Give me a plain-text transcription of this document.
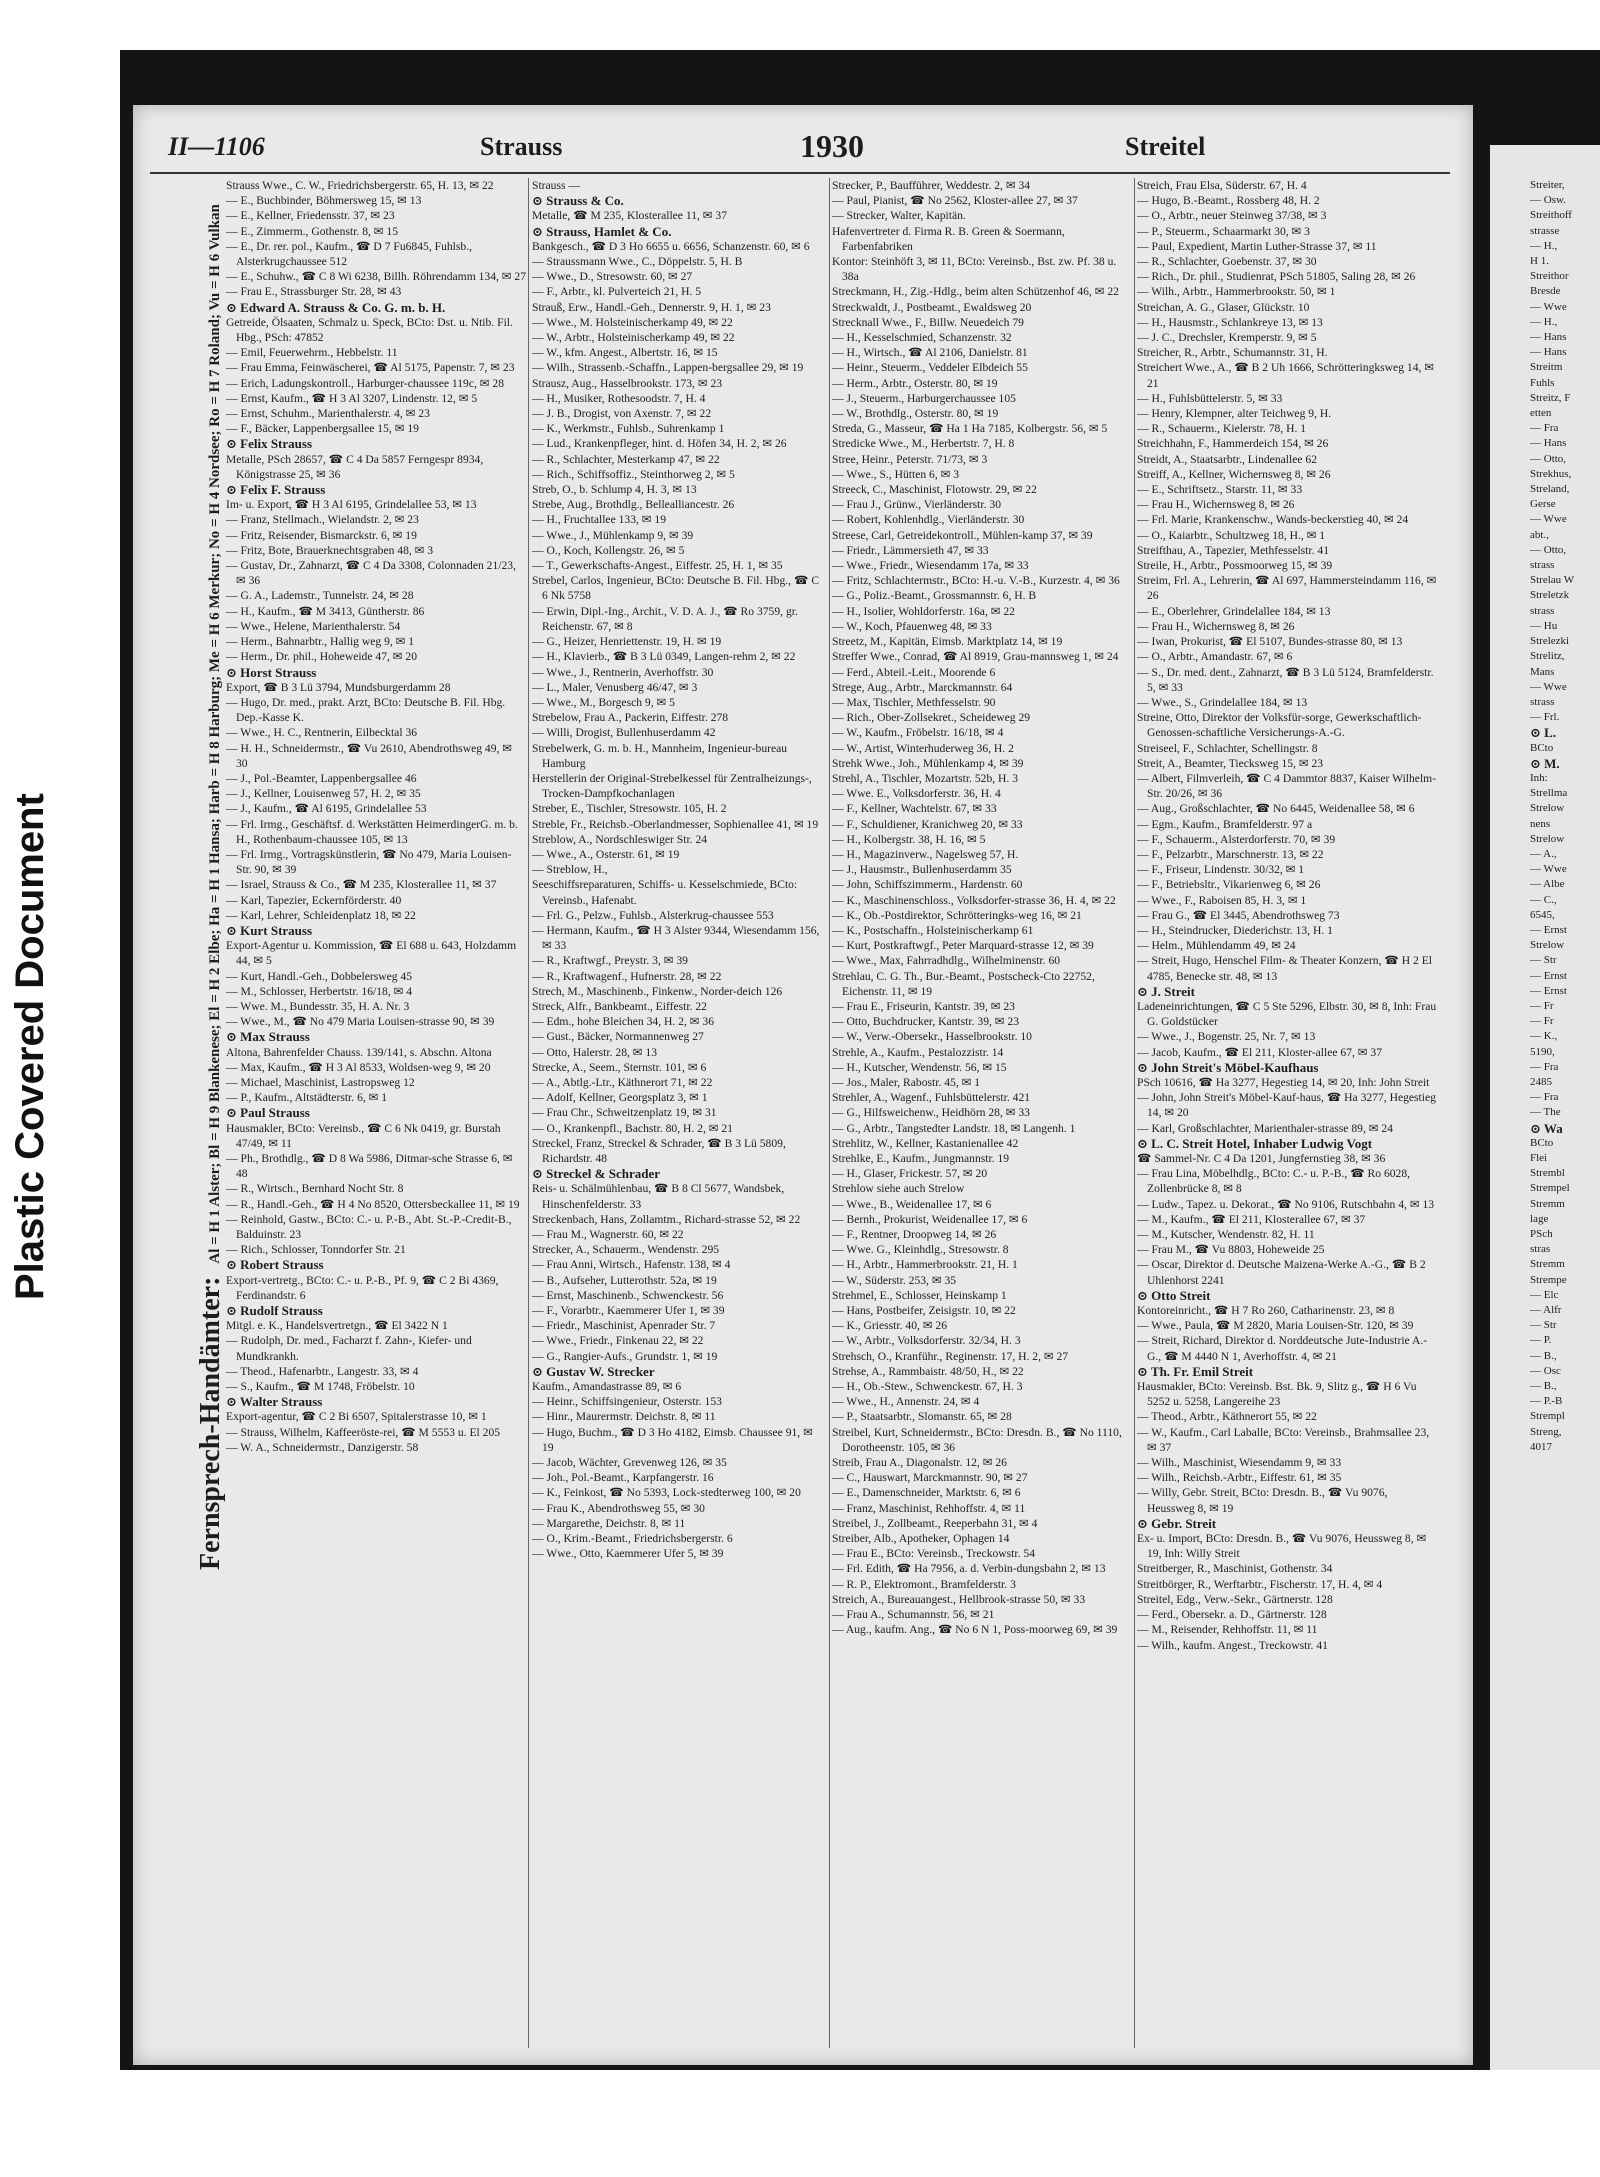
Plastic Covered Document
II—1106	Strauss	1930	Streitel
Fernsprech-Handämter: Al = H 1 Alster; Bl = H 9 Blankenese; El = H 2 Elbe; Ha = H 1 Hansa; Harb = H 8 Harburg; Me = H 6 Merkur; No = H 4 Nordsee; Ro = H 7 Roland; Vu = H 6 Vulkan

Strauss Wwe., C. W., Friedrichsbergerstr. 65, H. 13, ✉ 22

— E., Buchbinder, Böhmersweg 15, ✉ 13

— E., Kellner, Friedensstr. 37, ✉ 23

— E., Zimmerm., Gothenstr. 8, ✉ 15

— E., Dr. rer. pol., Kaufm., ☎ D 7 Fu6845, Fuhlsb., Alsterkrugchaussee 512

— E., Schuhw., ☎ C 8 Wi 6238, Billh. Röhrendamm 134, ✉ 27

— Frau E., Strassburger Str. 28, ✉ 43

⊙ Edward A. Strauss & Co. G. m. b. H.

Getreide, Ölsaaten, Schmalz u. Speck, BCto: Dst. u. Ntib. Fil. Hbg., PSch: 47852

— Emil, Feuerwehrm., Hebbelstr. 11

— Frau Emma, Feinwäscherei, ☎ Al 5175, Papenstr. 7, ✉ 23

— Erich, Ladungskontroll., Harburger-chaussee 119c, ✉ 28

— Ernst, Kaufm., ☎ H 3 Al 3207, Lindenstr. 12, ✉ 5

— Ernst, Schuhm., Marienthalerstr. 4, ✉ 23

— F., Bäcker, Lappenbergsallee 15, ✉ 19

⊙ Felix Strauss

Metalle, PSch 28657, ☎ C 4 Da 5857 Ferngespr 8934, Königstrasse 25, ✉ 36

⊙ Felix F. Strauss

Im- u. Export, ☎ H 3 Al 6195, Grindelallee 53, ✉ 13

— Franz, Stellmach., Wielandstr. 2, ✉ 23

— Fritz, Reisender, Bismarckstr. 6, ✉ 19

— Fritz, Bote, Brauerknechtsgraben 48, ✉ 3

— Gustav, Dr., Zahnarzt, ☎ C 4 Da 3308, Colonnaden 21/23, ✉ 36

— G. A., Lademstr., Tunnelstr. 24, ✉ 28

— H., Kaufm., ☎ M 3413, Güntherstr. 86

— Wwe., Helene, Marienthalerstr. 54

— Herm., Bahnarbtr., Hallig weg 9, ✉ 1

— Herm., Dr. phil., Hoheweide 47, ✉ 20

⊙ Horst Strauss

Export, ☎ B 3 Lü 3794, Mundsburgerdamm 28

— Hugo, Dr. med., prakt. Arzt, BCto: Deutsche B. Fil. Hbg. Dep.-Kasse K.

— Wwe., H. C., Rentnerin, Eilbecktal 36

— H. H., Schneidermstr., ☎ Vu 2610, Abendrothsweg 49, ✉ 30

— J., Pol.-Beamter, Lappenbergsallee 46

— J., Kellner, Louisenweg 57, H. 2, ✉ 35

— J., Kaufm., ☎ Al 6195, Grindelallee 53

— Frl. Irmg., Geschäftsf. d. Werkstätten HeimerdingerG. m. b. H., Rothenbaum-chaussee 105, ✉ 13

— Frl. Irmg., Vortragskünstlerin, ☎ No 479, Maria Louisen-Str. 90, ✉ 39

— Israel, Strauss & Co., ☎ M 235, Klosterallee 11, ✉ 37

— Karl, Tapezier, Eckernförderstr. 40

— Karl, Lehrer, Schleidenplatz 18, ✉ 22

⊙ Kurt Strauss

Export-Agentur u. Kommission, ☎ El 688 u. 643, Holzdamm 44, ✉ 5

— Kurt, Handl.-Geh., Dobbelersweg 45

— M., Schlosser, Herbertstr. 16/18, ✉ 4

— Wwe. M., Bundesstr. 35, H. A. Nr. 3

— Wwe., M., ☎ No 479 Maria Louisen-strasse 90, ✉ 39

⊙ Max Strauss

Altona, Bahrenfelder Chauss. 139/141, s. Abschn. Altona

— Max, Kaufm., ☎ H 3 Al 8533, Woldsen-weg 9, ✉ 20

— Michael, Maschinist, Lastropsweg 12

— P., Kaufm., Altstädterstr. 6, ✉ 1

⊙ Paul Strauss

Hausmakler, BCto: Vereinsb., ☎ C 6 Nk 0419, gr. Burstah 47/49, ✉ 11

— Ph., Brothdlg., ☎ D 8 Wa 5986, Ditmar-sche Strasse 6, ✉ 48

— R., Wirtsch., Bernhard Nocht Str. 8

— R., Handl.-Geh., ☎ H 4 No 8520, Ottersbeckallee 11, ✉ 19

— Reinhold, Gastw., BCto: C.- u. P.-B., Abt. St.-P.-Credit-B., Balduinstr. 23

— Rich., Schlosser, Tonndorfer Str. 21

⊙ Robert Strauss

Export-vertretg., BCto: C.- u. P.-B., Pf. 9, ☎ C 2 Bi 4369, Ferdinandstr. 6

⊙ Rudolf Strauss

Mitgl. e. K., Handelsvertretgn., ☎ El 3422 N 1

— Rudolph, Dr. med., Facharzt f. Zahn-, Kiefer- und Mundkrankh.

— Theod., Hafenarbtr., Langestr. 33, ✉ 4

— S., Kaufm., ☎ M 1748, Fröbelstr. 10

⊙ Walter Strauss

Export-agentur, ☎ C 2 Bi 6507, Spitalerstrasse 10, ✉ 1

— Strauss, Wilhelm, Kaffeeröste-rei, ☎ M 5553 u. El 205

— W. A., Schneidermstr., Danzigerstr. 58

Strauss —

⊙ Strauss & Co.

Metalle, ☎ M 235, Klosterallee 11, ✉ 37

⊙ Strauss, Hamlet & Co.

Bankgesch., ☎ D 3 Ho 6655 u. 6656, Schanzenstr. 60, ✉ 6

— Straussmann Wwe., C., Döppelstr. 5, H. B

— Wwe., D., Stresowstr. 60, ✉ 27

— F., Arbtr., kl. Pulverteich 21, H. 5

Strauß, Erw., Handl.-Geh., Dennerstr. 9, H. 1, ✉ 23

— Wwe., M. Holsteinischerkamp 49, ✉ 22

— W., Arbtr., Holsteinischerkamp 49, ✉ 22

— W., kfm. Angest., Albertstr. 16, ✉ 15

— Wilh., Strassenb.-Schaffn., Lappen-bergsallee 29, ✉ 19

Strausz, Aug., Hasselbrookstr. 173, ✉ 23

— H., Musiker, Rothesoodstr. 7, H. 4

— J. B., Drogist, von Axenstr. 7, ✉ 22

— K., Werkmstr., Fuhlsb., Suhrenkamp 1

— Lud., Krankenpfleger, hint. d. Höfen 34, H. 2, ✉ 26

— R., Schlachter, Mesterkamp 47, ✉ 22

— Rich., Schiffsoffiz., Steinthorweg 2, ✉ 5

Streb, O., b. Schlump 4, H. 3, ✉ 13

Strebe, Aug., Brothdlg., Bellealliancestr. 26

— H., Fruchtallee 133, ✉ 19

— Wwe., J., Mühlenkamp 9, ✉ 39

— O., Koch, Kollengstr. 26, ✉ 5

— T., Gewerkschafts-Angest., Eiffestr. 25, H. 1, ✉ 35

Strebel, Carlos, Ingenieur, BCto: Deutsche B. Fil. Hbg., ☎ C 6 Nk 5758

— Erwin, Dipl.-Ing., Archit., V. D. A. J., ☎ Ro 3759, gr. Reichenstr. 67, ✉ 8

— G., Heizer, Henriettenstr. 19, H. ✉ 19

— H., Klavierb., ☎ B 3 Lü 0349, Langen-rehm 2, ✉ 22

— Wwe., J., Rentnerin, Averhoffstr. 30

— L., Maler, Venusberg 46/47, ✉ 3

— Wwe., M., Borgesch 9, ✉ 5

Strebelow, Frau A., Packerin, Eiffestr. 278

— Willi, Drogist, Bullenhuserdamm 42

Strebelwerk, G. m. b. H., Mannheim, Ingenieur-bureau Hamburg

Herstellerin der Original-Strebelkessel für Zentralheizungs-, Trocken-Dampfkochanlagen

Streber, E., Tischler, Stresowstr. 105, H. 2

Streble, Fr., Reichsb.-Oberlandmesser, Sophienallee 41, ✉ 19

Streblow, A., Nordschleswiger Str. 24

— Wwe., A., Osterstr. 61, ✉ 19

— Streblow, H.,

Seeschiffsreparaturen, Schiffs- u. Kesselschmiede, BCto: Vereinsb., Hafenabt.

— Frl. G., Pelzw., Fuhlsb., Alsterkrug-chaussee 553

— Hermann, Kaufm., ☎ H 3 Alster 9344, Wiesendamm 156, ✉ 33

— R., Kraftwgf., Preystr. 3, ✉ 39

— R., Kraftwagenf., Hufnerstr. 28, ✉ 22

Strech, M., Maschinenb., Finkenw., Norder-deich 126

Streck, Alfr., Bankbeamt., Eiffestr. 22

— Edm., hohe Bleichen 34, H. 2, ✉ 36

— Gust., Bäcker, Normannenweg 27

— Otto, Halerstr. 28, ✉ 13

Strecke, A., Seem., Sternstr. 101, ✉ 6

— A., Abtlg.-Ltr., Käthnerort 71, ✉ 22

— Adolf, Kellner, Georgsplatz 3, ✉ 1

— Frau Chr., Schweitzenplatz 19, ✉ 31

— O., Krankenpfl., Bachstr. 80, H. 2, ✉ 21

Streckel, Franz, Streckel & Schrader, ☎ B 3 Lü 5809, Richardstr. 48

⊙ Streckel & Schrader

Reis- u. Schälmühlenbau, ☎ B 8 Cl 5677, Wandsbek, Hinschenfelderstr. 33

Streckenbach, Hans, Zollamtm., Richard-strasse 52, ✉ 22

— Frau M., Wagnerstr. 60, ✉ 22

Strecker, A., Schauerm., Wendenstr. 295

— Frau Anni, Wirtsch., Hafenstr. 138, ✉ 4

— B., Aufseher, Lutterothstr. 52a, ✉ 19

— Ernst, Maschinenb., Schwenckestr. 56

— F., Vorarbtr., Kaemmerer Ufer 1, ✉ 39

— Friedr., Maschinist, Apenrader Str. 7

— Wwe., Friedr., Finkenau 22, ✉ 22

— G., Rangier-Aufs., Grundstr. 1, ✉ 19

⊙ Gustav W. Strecker

Kaufm., Amandastrasse 89, ✉ 6

— Heinr., Schiffsingenieur, Osterstr. 153

— Hinr., Maurermstr. Deichstr. 8, ✉ 11

— Hugo, Buchm., ☎ D 3 Ho 4182, Eimsb. Chaussee 91, ✉ 19

— Jacob, Wächter, Grevenweg 126, ✉ 35

— Joh., Pol.-Beamt., Karpfangerstr. 16

— K., Feinkost, ☎ No 5393, Lock-stedterweg 100, ✉ 20

— Frau K., Abendrothsweg 55, ✉ 30

— Margarethe, Deichstr. 8, ✉ 11

— O., Krim.-Beamt., Friedrichsbergerstr. 6

— Wwe., Otto, Kaemmerer Ufer 5, ✉ 39

Strecker, P., Baufführer, Weddestr. 2, ✉ 34

— Paul, Pianist, ☎ No 2562, Kloster-allee 27, ✉ 37

— Strecker, Walter, Kapitän.

Hafenvertreter d. Firma R. B. Green & Soermann, Farbenfabriken

Kontor: Steinhöft 3, ✉ 11, BCto: Vereinsb., Bst. zw. Pf. 38 u. 38a

Streckmann, H., Zig.-Hdlg., beim alten Schützenhof 46, ✉ 22

Streckwaldt, J., Postbeamt., Ewaldsweg 20

Strecknall Wwe., F., Billw. Neuedeich 79

— H., Kesselschmied, Schanzenstr. 32

— H., Wirtsch., ☎ Al 2106, Danielstr. 81

— Heinr., Steuerm., Veddeler Elbdeich 55

— Herm., Arbtr., Osterstr. 80, ✉ 19

— J., Steuerm., Harburgerchaussee 105

— W., Brothdlg., Osterstr. 80, ✉ 19

Streda, G., Masseur, ☎ Ha 1 Ha 7185, Kolbergstr. 56, ✉ 5

Stredicke Wwe., M., Herbertstr. 7, H. 8

Stree, Heinr., Peterstr. 71/73, ✉ 3

— Wwe., S., Hütten 6, ✉ 3

Streeck, C., Maschinist, Flotowstr. 29, ✉ 22

— Frau J., Grünw., Vierländerstr. 30

— Robert, Kohlenhdlg., Vierländerstr. 30

Streese, Carl, Getreidekontroll., Mühlen-kamp 37, ✉ 39

— Friedr., Lämmersieth 47, ✉ 33

— Wwe., Friedr., Wiesendamm 17a, ✉ 33

— Fritz, Schlachtermstr., BCto: H.-u. V.-B., Kurzestr. 4, ✉ 36

— G., Poliz.-Beamt., Grossmannstr. 6, H. B

— H., Isolier, Wohldorferstr. 16a, ✉ 22

— W., Koch, Pfauenweg 48, ✉ 33

Streetz, M., Kapitän, Eimsb. Marktplatz 14, ✉ 19

Streffer Wwe., Conrad, ☎ Al 8919, Grau-mannsweg 1, ✉ 24

— Ferd., Abteil.-Leit., Moorende 6

Strege, Aug., Arbtr., Marckmannstr. 64

— Max, Tischler, Methfesselstr. 90

— Rich., Ober-Zollsekret., Scheideweg 29

— W., Kaufm., Fröbelstr. 16/18, ✉ 4

— W., Artist, Winterhuderweg 36, H. 2

Strehk Wwe., Joh., Mühlenkamp 4, ✉ 39

Strehl, A., Tischler, Mozartstr. 52b, H. 3

— Wwe. E., Volksdorferstr. 36, H. 4

— F., Kellner, Wachtelstr. 67, ✉ 33

— F., Schuldiener, Kranichweg 20, ✉ 33

— H., Kolbergstr. 38, H. 16, ✉ 5

— H., Magazinverw., Nagelsweg 57, H.

— J., Hausmstr., Bullenhuserdamm 35

— John, Schiffszimmerm., Hardenstr. 60

— K., Maschinenschloss., Volksdorfer-strasse 36, H. 4, ✉ 22

— K., Ob.-Postdirektor, Schrötteringks-weg 16, ✉ 21

— K., Postschaffn., Holsteinischerkamp 61

— Kurt, Postkraftwgf., Peter Marquard-strasse 12, ✉ 39

— Wwe., Max, Fahrradhdlg., Wilhelminenstr. 60

Strehlau, C. G. Th., Bur.-Beamt., Postscheck-Cto 22752, Eichenstr. 11, ✉ 19

— Frau E., Friseurin, Kantstr. 39, ✉ 23

— Otto, Buchdrucker, Kantstr. 39, ✉ 23

— W., Verw.-Obersekr., Hasselbrookstr. 10

Strehle, A., Kaufm., Pestalozzistr. 14

— H., Kutscher, Wendenstr. 56, ✉ 15

— Jos., Maler, Rabostr. 45, ✉ 1

Strehler, A., Wagenf., Fuhlsbüttelerstr. 421

— G., Hilfsweichenw., Heidhörn 28, ✉ 33

— G., Arbtr., Tangstedter Landstr. 18, ✉ Langenh. 1

Strehlitz, W., Kellner, Kastanienallee 42

Strehlke, E., Kaufm., Jungmannstr. 19

— H., Glaser, Frickestr. 57, ✉ 20

Strehlow siehe auch Strelow

— Wwe., B., Weidenallee 17, ✉ 6

— Bernh., Prokurist, Weidenallee 17, ✉ 6

— F., Rentner, Droopweg 14, ✉ 26

— Wwe. G., Kleinhdlg., Stresowstr. 8

— H., Arbtr., Hammerbrookstr. 21, H. 1

— W., Süderstr. 253, ✉ 35

Strehmel, E., Schlosser, Heinskamp 1

— Hans, Postbeifer, Zeisigstr. 10, ✉ 22

— K., Griesstr. 40, ✉ 26

— W., Arbtr., Volksdorferstr. 32/34, H. 3

Strehsch, O., Kranführ., Reginenstr. 17, H. 2, ✉ 27

Strehse, A., Rammbaistr. 48/50, H., ✉ 22

— H., Ob.-Stew., Schwenckestr. 67, H. 3

— Wwe., H., Annenstr. 24, ✉ 4

— P., Staatsarbtr., Slomanstr. 65, ✉ 28

Streibel, Kurt, Schneidermstr., BCto: Dresdn. B., ☎ No 1110, Dorotheenstr. 105, ✉ 36

Streib, Frau A., Diagonalstr. 12, ✉ 26

— C., Hauswart, Marckmannstr. 90, ✉ 27

— E., Damenschneider, Marktstr. 6, ✉ 6

— Franz, Maschinist, Rehhoffstr. 4, ✉ 11

Streibel, J., Zollbeamt., Reeperbahn 31, ✉ 4

Streiber, Alb., Apotheker, Ophagen 14

— Frau E., BCto: Vereinsb., Treckowstr. 54

— Frl. Edith, ☎ Ha 7956, a. d. Verbin-dungsbahn 2, ✉ 13

— R. P., Elektromont., Bramfelderstr. 3

Streich, A., Bureauangest., Hellbrook-strasse 50, ✉ 33

— Frau A., Schumannstr. 56, ✉ 21

— Aug., kaufm. Ang., ☎ No 6 N 1, Poss-moorweg 69, ✉ 39

Streich, Frau Elsa, Süderstr. 67, H. 4

— Hugo, B.-Beamt., Rossberg 48, H. 2

— O., Arbtr., neuer Steinweg 37/38, ✉ 3

— P., Steuerm., Schaarmarkt 30, ✉ 3

— Paul, Expedient, Martin Luther-Strasse 37, ✉ 11

— R., Schlachter, Goebenstr. 37, ✉ 30

— Rich., Dr. phil., Studienrat, PSch 51805, Saling 28, ✉ 26

— Wilh., Arbtr., Hammerbrookstr. 50, ✉ 1

Streichan, A. G., Glaser, Glückstr. 10

— H., Hausmstr., Schlankreye 13, ✉ 13

— J. C., Drechsler, Kremperstr. 9, ✉ 5

Streicher, R., Arbtr., Schumannstr. 31, H.

Streichert Wwe., A., ☎ B 2 Uh 1666, Schrötteringksweg 14, ✉ 21

— H., Fuhlsbüttelerstr. 5, ✉ 33

— Henry, Klempner, alter Teichweg 9, H.

— R., Schauerm., Kielerstr. 78, H. 1

Streichhahn, F., Hammerdeich 154, ✉ 26

Streidt, A., Staatsarbtr., Lindenallee 62

Streiff, A., Kellner, Wichernsweg 8, ✉ 26

— E., Schriftsetz., Starstr. 11, ✉ 33

— Frau H., Wichernsweg 8, ✉ 26

— Frl. Marie, Krankenschw., Wands-beckerstieg 40, ✉ 24

— O., Kaiarbtr., Schultzweg 18, H., ✉ 1

Streifthau, A., Tapezier, Methfesselstr. 41

Streile, H., Arbtr., Possmoorweg 15, ✉ 39

Streim, Frl. A., Lehrerin, ☎ Al 697, Hammersteindamm 116, ✉ 26

— E., Oberlehrer, Grindelallee 184, ✉ 13

— Frau H., Wichernsweg 8, ✉ 26

— Iwan, Prokurist, ☎ El 5107, Bundes-strasse 80, ✉ 13

— O., Arbtr., Amandastr. 67, ✉ 6

— S., Dr. med. dent., Zahnarzt, ☎ B 3 Lü 5124, Bramfelderstr. 5, ✉ 33

— Wwe., S., Grindelallee 184, ✉ 13

Streine, Otto, Direktor der Volksfür-sorge, Gewerkschaftlich-Genossen-schaftliche Versicherungs-A.-G.

Streiseel, F., Schlachter, Schellingstr. 8

Streit, A., Beamter, Tiecksweg 15, ✉ 23

— Albert, Filmverleih, ☎ C 4 Dammtor 8837, Kaiser Wilhelm-Str. 20/26, ✉ 36

— Aug., Großschlachter, ☎ No 6445, Weidenallee 58, ✉ 6

— Egm., Kaufm., Bramfelderstr. 97 a

— F., Schauerm., Alsterdorferstr. 70, ✉ 39

— F., Pelzarbtr., Marschnerstr. 13, ✉ 22

— F., Friseur, Lindenstr. 30/32, ✉ 1

— F., Betriebsltr., Vikarienweg 6, ✉ 26

— Wwe., F., Raboisen 85, H. 3, ✉ 1

— Frau G., ☎ El 3445, Abendrothsweg 73

— H., Steindrucker, Diederichstr. 13, H. 1

— Helm., Mühlendamm 49, ✉ 24

— Streit, Hugo, Henschel Film- & Theater Konzern, ☎ H 2 El 4785, Benecke str. 48, ✉ 13

⊙ J. Streit

Ladeneinrichtungen, ☎ C 5 Ste 5296, Elbstr. 30, ✉ 8, Inh: Frau G. Goldstücker

— Wwe., J., Bogenstr. 25, Nr. 7, ✉ 13

— Jacob, Kaufm., ☎ El 211, Kloster-allee 67, ✉ 37

⊙ John Streit's Möbel-Kaufhaus

PSch 10616, ☎ Ha 3277, Hegestieg 14, ✉ 20, Inh: John Streit

— John, John Streit's Möbel-Kauf-haus, ☎ Ha 3277, Hegestieg 14, ✉ 20

— Karl, Großschlachter, Marienthaler-strasse 89, ✉ 24

⊙ L. C. Streit Hotel, Inhaber Ludwig Vogt

☎ Sammel-Nr. C 4 Da 1201, Jungfernstieg 38, ✉ 36

— Frau Lina, Möbelhdlg., BCto: C.- u. P.-B., ☎ Ro 6028, Zollenbrücke 8, ✉ 8

— Ludw., Tapez. u. Dekorat., ☎ No 9106, Rutschbahn 4, ✉ 13

— M., Kaufm., ☎ El 211, Klosterallee 67, ✉ 37

— M., Kutscher, Wendenstr. 82, H. 11

— Frau M., ☎ Vu 8803, Hoheweide 25

— Oscar, Direktor d. Deutsche Maizena-Werke A.-G., ☎ B 2 Uhlenhorst 2241

⊙ Otto Streit

Kontoreinricht., ☎ H 7 Ro 260, Catharinenstr. 23, ✉ 8

— Wwe., Paula, ☎ M 2820, Maria Louisen-Str. 120, ✉ 39

— Streit, Richard, Direktor d. Norddeutsche Jute-Industrie A.-G., ☎ M 4440 N 1, Averhoffstr. 4, ✉ 21

⊙ Th. Fr. Emil Streit

Hausmakler, BCto: Vereinsb. Bst. Bk. 9, Slitz g., ☎ H 6 Vu 5252 u. 5258, Langereihe 23

— Theod., Arbtr., Käthnerort 55, ✉ 22

— W., Kaufm., Carl Laballe, BCto: Vereinsb., Brahmsallee 23, ✉ 37

— Wilh., Maschinist, Wiesendamm 9, ✉ 33

— Wilh., Reichsb.-Arbtr., Eiffestr. 61, ✉ 35

— Willy, Gebr. Streit, BCto: Dresdn. B., ☎ Vu 9076, Heussweg 8, ✉ 19

⊙ Gebr. Streit

Ex- u. Import, BCto: Dresdn. B., ☎ Vu 9076, Heussweg 8, ✉ 19, Inh: Willy Streit

Streitberger, R., Maschinist, Gothenstr. 34

Streitbörger, R., Werftarbtr., Fischerstr. 17, H. 4, ✉ 4

Streitel, Edg., Verw.-Sekr., Gärtnerstr. 128

— Ferd., Obersekr. a. D., Gärtnerstr. 128

— M., Reisender, Rehhoffstr. 11, ✉ 11

— Wilh., kaufm. Angest., Treckowstr. 41

Streiter,

— Osw.

Streithoff

strasse

— H.,

H 1.

Streithor

Bresde

— Wwe

— H.,

— Hans

— Hans

Streitm

Fuhls

Streitz, F

etten

— Fra

— Hans

— Otto,

Strekhus,

Streland,

Gerse

— Wwe

abt.,

— Otto,

strass

Strelau W

Streletzk

strass

— Hu

Strelezki

Strelitz,

Mans

— Wwe

strass

— Frl.

⊙ L.

BCto

⊙ M.

Inh:

Strellma

Strelow

nens

Strelow

— A.,

— Wwe

— Albe

— C.,

6545,

— Ernst

Strelow

— Str

— Ernst

— Ernst

— Fr

— Fr

— K.,

5190,

— Fra

2485

— Fra

— The

⊙ Wa

BCto

Flei

Strembl

Strempel

Stremm

lage

PSch

stras

Stremm

Strempe

— Elc

— Alfr

— Str

— P.

— B.,

— Osc

— B.,

— P.-B

Strempl

Streng,

4017
